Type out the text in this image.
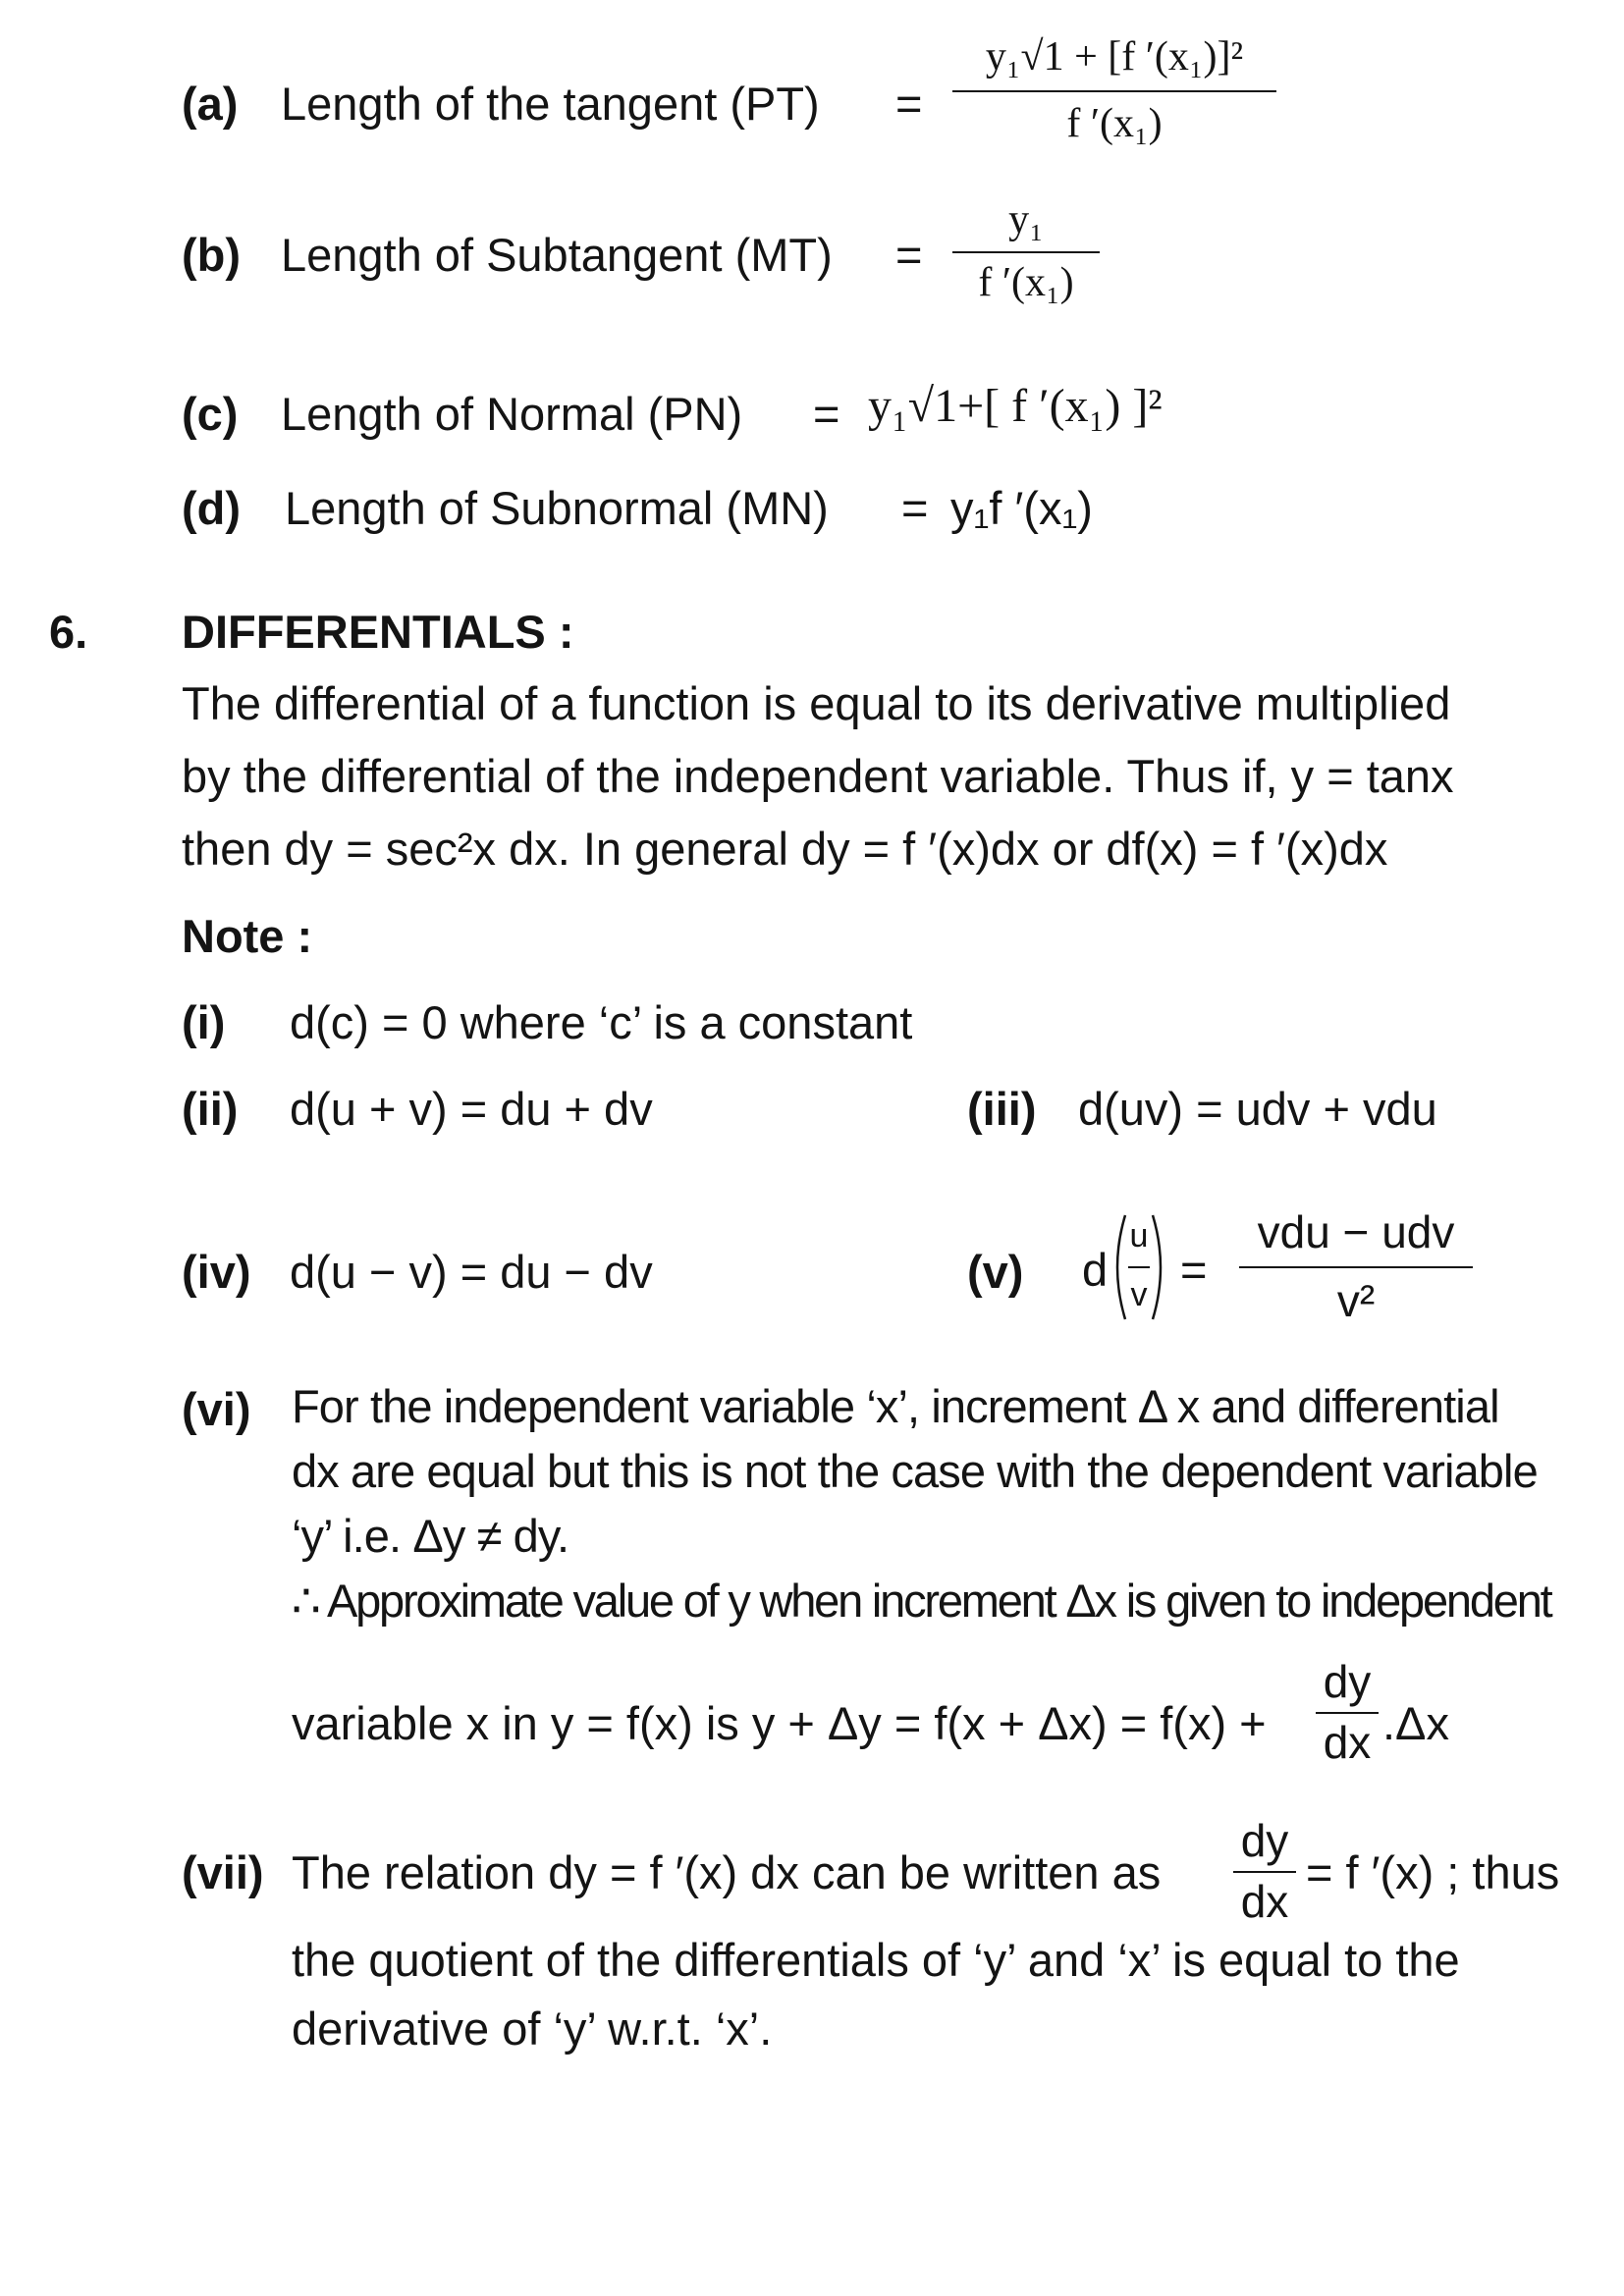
(a) Length of the tangent (PT) =
y₁√1 + [f ′(x₁)]²
f ′(x₁)
(b) Length of Subtangent (MT) =
y₁
f ′(x₁)
(c) Length of Normal (PN) = y₁√1+[ f ′(x₁) ]²
(d) Length of Subnormal (MN) = y₁f ′(x₁)
6. DIFFERENTIALS :
The differential of a function is equal to its derivative multiplied
by the differential of the independent variable. Thus if, y = tanx
then dy = sec²x dx. In general dy = f ′(x)dx or df(x) = f ′(x)dx
Note :
(i) d(c) = 0 where ‘c’ is a constant
(ii) d(u + v) = du + dv	(iii) d(uv) = udv + vdu
(iv) d(u − v) = du − dv	(v) d
u
v =
vdu − udv
v²
(vi) For the independent variable ‘x’, increment Δ x and differential
dx are equal but this is not the case with the dependent variable
‘y’ i.e. Δy ≠ dy.
∴ Approximate value of y when increment Δx is given to independent
variable x in y = f(x) is y + Δy = f(x + Δx) = f(x) +
dy
dx .Δx
(vii) The relation dy = f ′(x) dx can be written as
dy
dx
= f ′(x) ; thus
the quotient of the differentials of ‘y’ and ‘x’ is equal to the
derivative of ‘y’ w.r.t. ‘x’.
